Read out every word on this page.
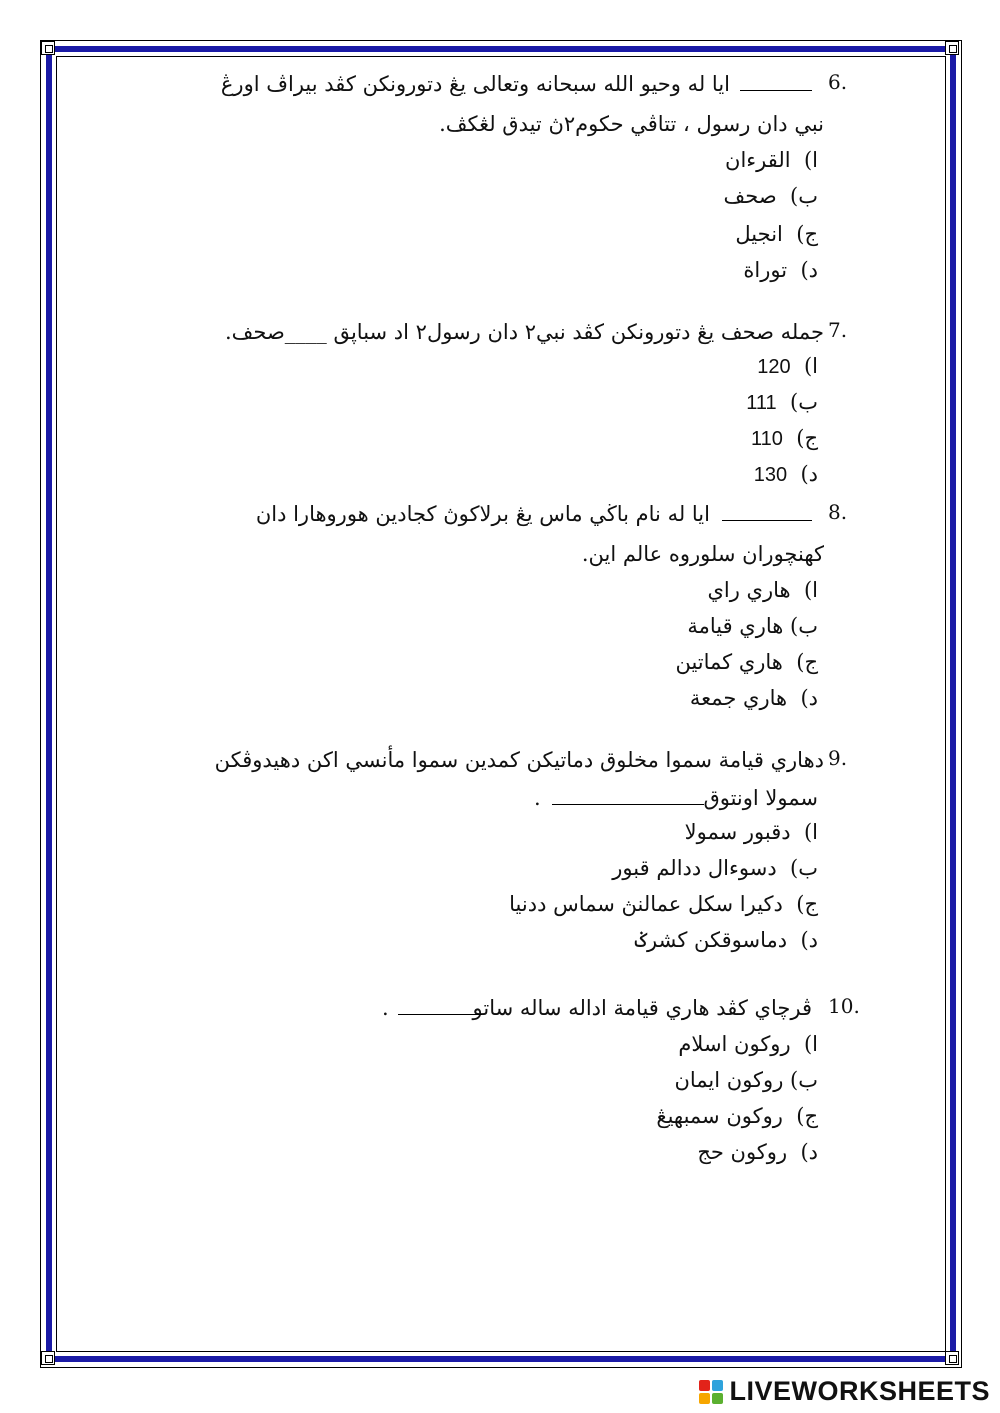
6.
ايا له وحيو الله سبحانه وتعالى يڠ دتورونکن کڤد بيراڤ اورڠ
نبي دان رسول ، تتاڤي حکوم٢ڽ تيدق لڠکڤ.
ا)  القرءان
ب)  صحف
ج)  انجيل
د)  توراة
7.
جمله صحف يڠ دتورونکن کڤد نبي٢ دان رسول٢ اد سباڽق ____صحف.
ا)  120
ب)  111
ج)  110
د)  130
8.
ايا له نام باڬي ماس يڠ برلاکوڽ کجادين هوروهارا دان
کهنچوران سلوروه عالم اين.
ا)  هاري راي
ب) هاري قيامة
ج)  هاري کماتين
د)  هاري جمعة
9.
دهاري قيامة سموا مخلوق دماتيکن کمدين سموا مأنسي اکن دهيدوڤکن
سمولا اونتوق
.
ا)  دقبور سمولا
ب)  دسوءال ددالم قبور
ج)  دکيرا سکل عمالنڽ سماس ددنيا
د)  دماسوقکن کشرݢ
10.
ڤرچاي کڤد هاري قيامة اداله ساله ساتو
.
ا)  روکون اسلام
ب) روکون ايمان
ج)  روکون سمبهيڠ
د)  روکون حج
LIVEWORKSHEETS
